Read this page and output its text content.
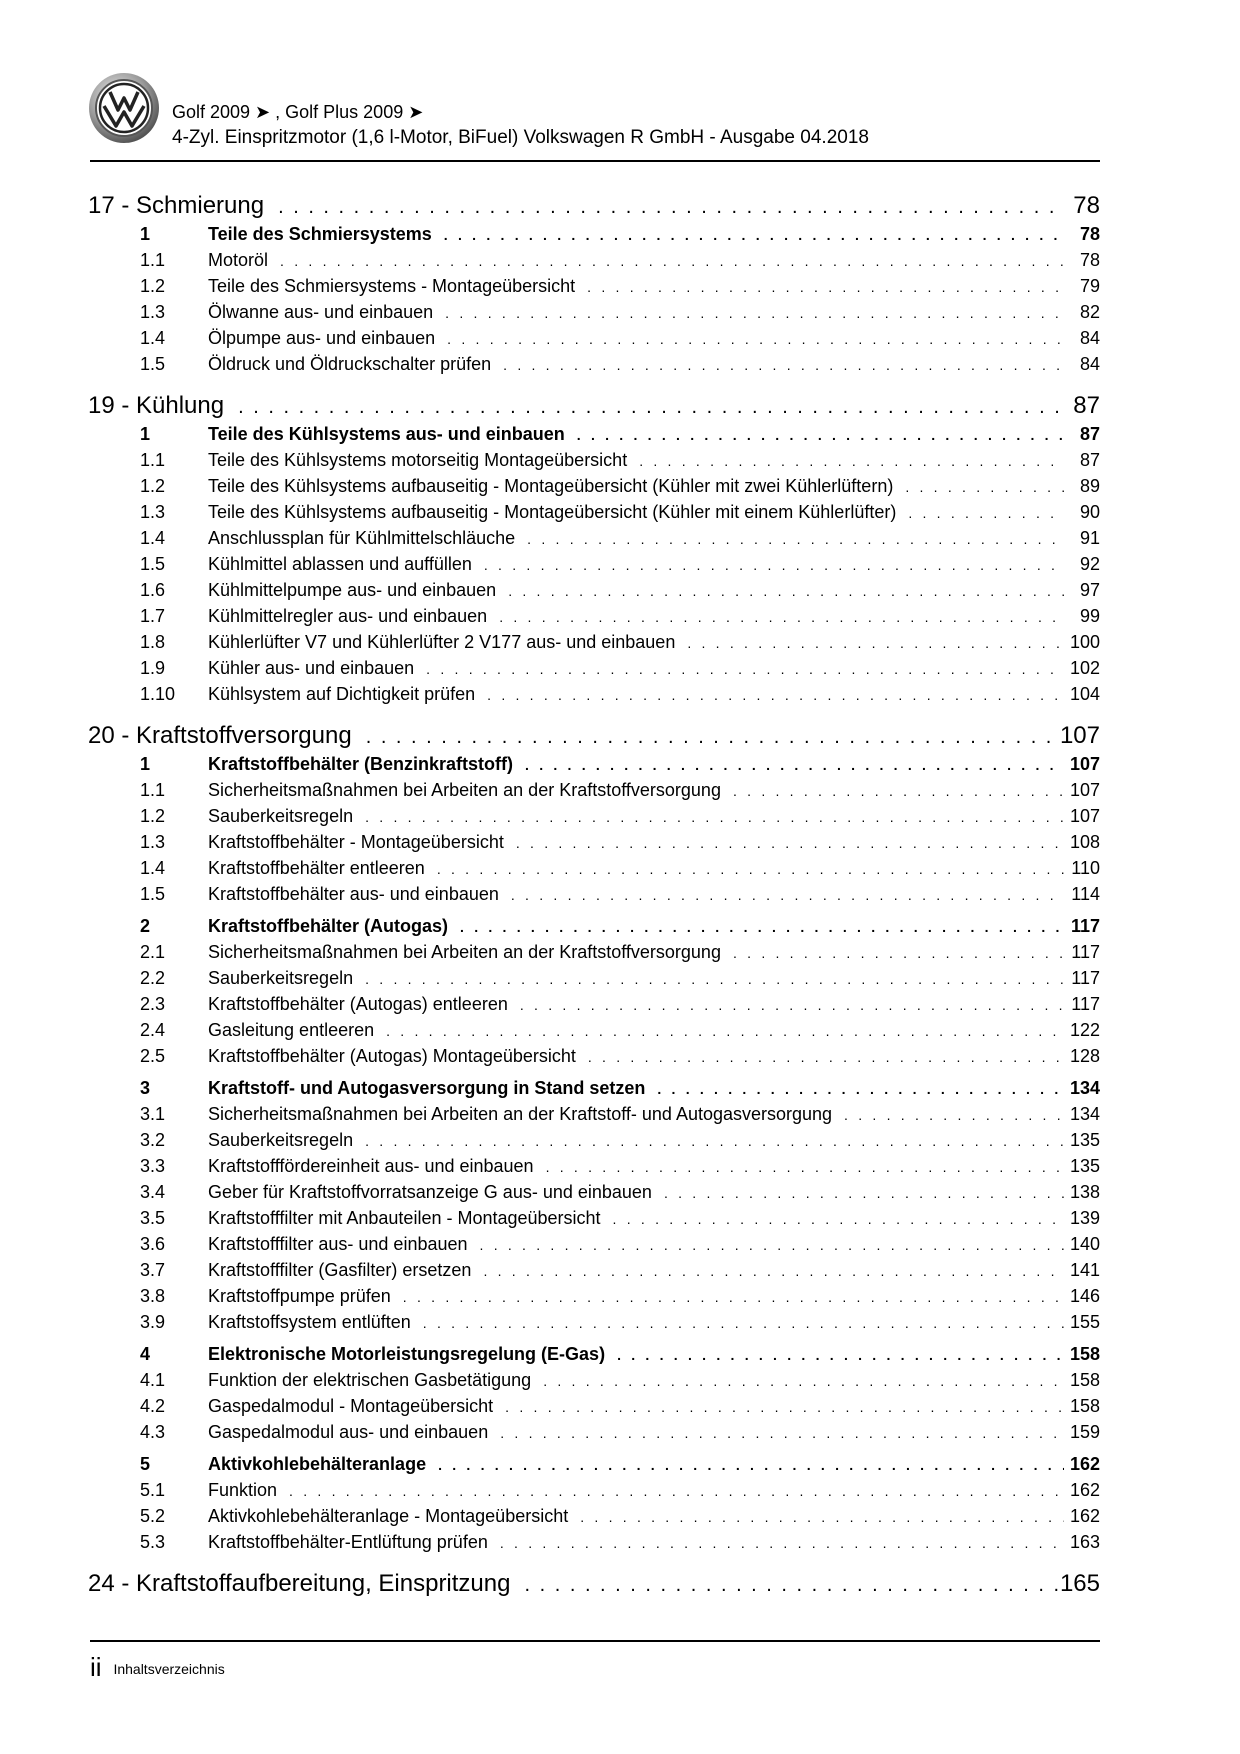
Golf 2009 ➤ , Golf Plus 2009 ➤
4-Zyl. Einspritzmotor (1,6 l-Motor, BiFuel) Volkswagen R GmbH - Ausgabe 04.2018
17 - Schmierung . . .	78
1	Teile des Schmiersystems . . .	78
1.1	Motoröl . . .	78
1.2	Teile des Schmiersystems - Montageübersicht . . .	79
1.3	Ölwanne aus- und einbauen . . .	82
1.4	Ölpumpe aus- und einbauen . . .	84
1.5	Öldruck und Öldruckschalter prüfen . . .	84
19 - Kühlung . . .	87
1	Teile des Kühlsystems aus- und einbauen . . .	87
1.1	Teile des Kühlsystems motorseitig Montageübersicht . . .	87
1.2	Teile des Kühlsystems aufbauseitig - Montageübersicht (Kühler mit zwei Kühlerlüftern) . . .	89
1.3	Teile des Kühlsystems aufbauseitig - Montageübersicht (Kühler mit einem Kühlerlüfter) . . .	90
1.4	Anschlussplan für Kühlmittelschläuche . . .	91
1.5	Kühlmittel ablassen und auffüllen . . .	92
1.6	Kühlmittelpumpe aus- und einbauen . . .	97
1.7	Kühlmittelregler aus- und einbauen . . .	99
1.8	Kühlerlüfter V7 und Kühlerlüfter 2 V177 aus- und einbauen . . .	100
1.9	Kühler aus- und einbauen . . .	102
1.10	Kühlsystem auf Dichtigkeit prüfen . . .	104
20 - Kraftstoffversorgung . . .	107
1	Kraftstoffbehälter (Benzinkraftstoff) . . .	107
1.1	Sicherheitsmaßnahmen bei Arbeiten an der Kraftstoffversorgung . . .	107
1.2	Sauberkeitsregeln . . .	107
1.3	Kraftstoffbehälter - Montageübersicht . . .	108
1.4	Kraftstoffbehälter entleeren . . .	110
1.5	Kraftstoffbehälter aus- und einbauen . . .	114
2	Kraftstoffbehälter (Autogas) . . .	117
2.1	Sicherheitsmaßnahmen bei Arbeiten an der Kraftstoffversorgung . . .	117
2.2	Sauberkeitsregeln . . .	117
2.3	Kraftstoffbehälter (Autogas) entleeren . . .	117
2.4	Gasleitung entleeren . . .	122
2.5	Kraftstoffbehälter (Autogas) Montageübersicht . . .	128
3	Kraftstoff- und Autogasversorgung in Stand setzen . . .	134
3.1	Sicherheitsmaßnahmen bei Arbeiten an der Kraftstoff- und Autogasversorgung . . .	134
3.2	Sauberkeitsregeln . . .	135
3.3	Kraftstofffördereinheit aus- und einbauen . . .	135
3.4	Geber für Kraftstoffvorratsanzeige G aus- und einbauen . . .	138
3.5	Kraftstofffilter mit Anbauteilen - Montageübersicht . . .	139
3.6	Kraftstofffilter aus- und einbauen . . .	140
3.7	Kraftstofffilter (Gasfilter) ersetzen . . .	141
3.8	Kraftstoffpumpe prüfen . . .	146
3.9	Kraftstoffsystem entlüften . . .	155
4	Elektronische Motorleistungsregelung (E-Gas) . . .	158
4.1	Funktion der elektrischen Gasbetätigung . . .	158
4.2	Gaspedalmodul - Montageübersicht . . .	158
4.3	Gaspedalmodul aus- und einbauen . . .	159
5	Aktivkohlebehälteranlage . . .	162
5.1	Funktion . . .	162
5.2	Aktivkohlebehälteranlage - Montageübersicht . . .	162
5.3	Kraftstoffbehälter-Entlüftung prüfen . . .	163
24 - Kraftstoffaufbereitung, Einspritzung . . .	165
ii Inhaltsverzeichnis
